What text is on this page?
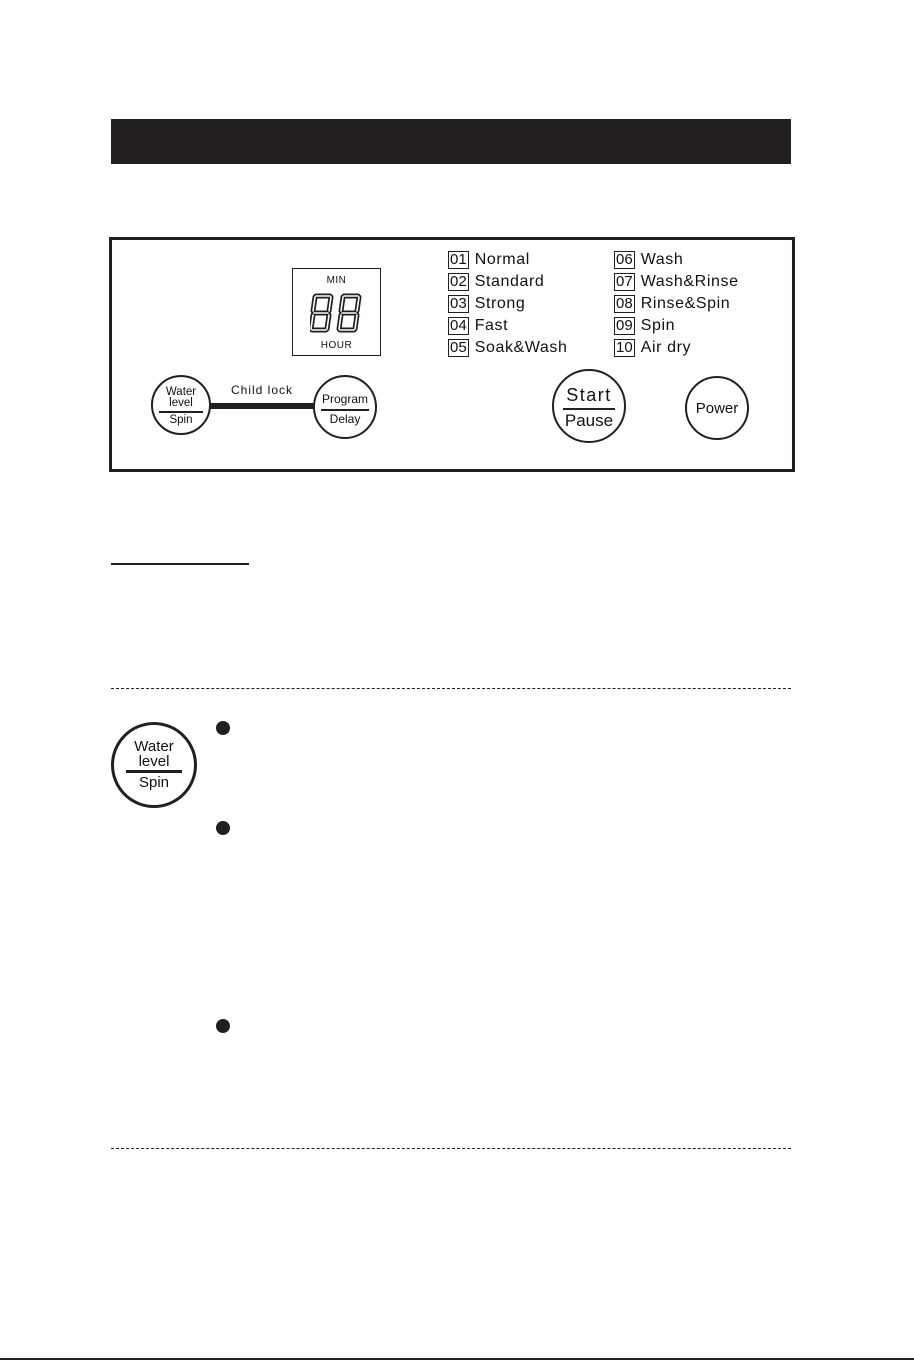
MIN
HOUR
01 Normal
02 Standard
03 Strong
04 Fast
05 Soak&Wash
06 Wash
07 Wash&Rinse
08 Rinse&Spin
09 Spin
10 Air dry
Child lock
Water level
Spin
Program
Delay
Start
Pause
Power
Water level
Spin
